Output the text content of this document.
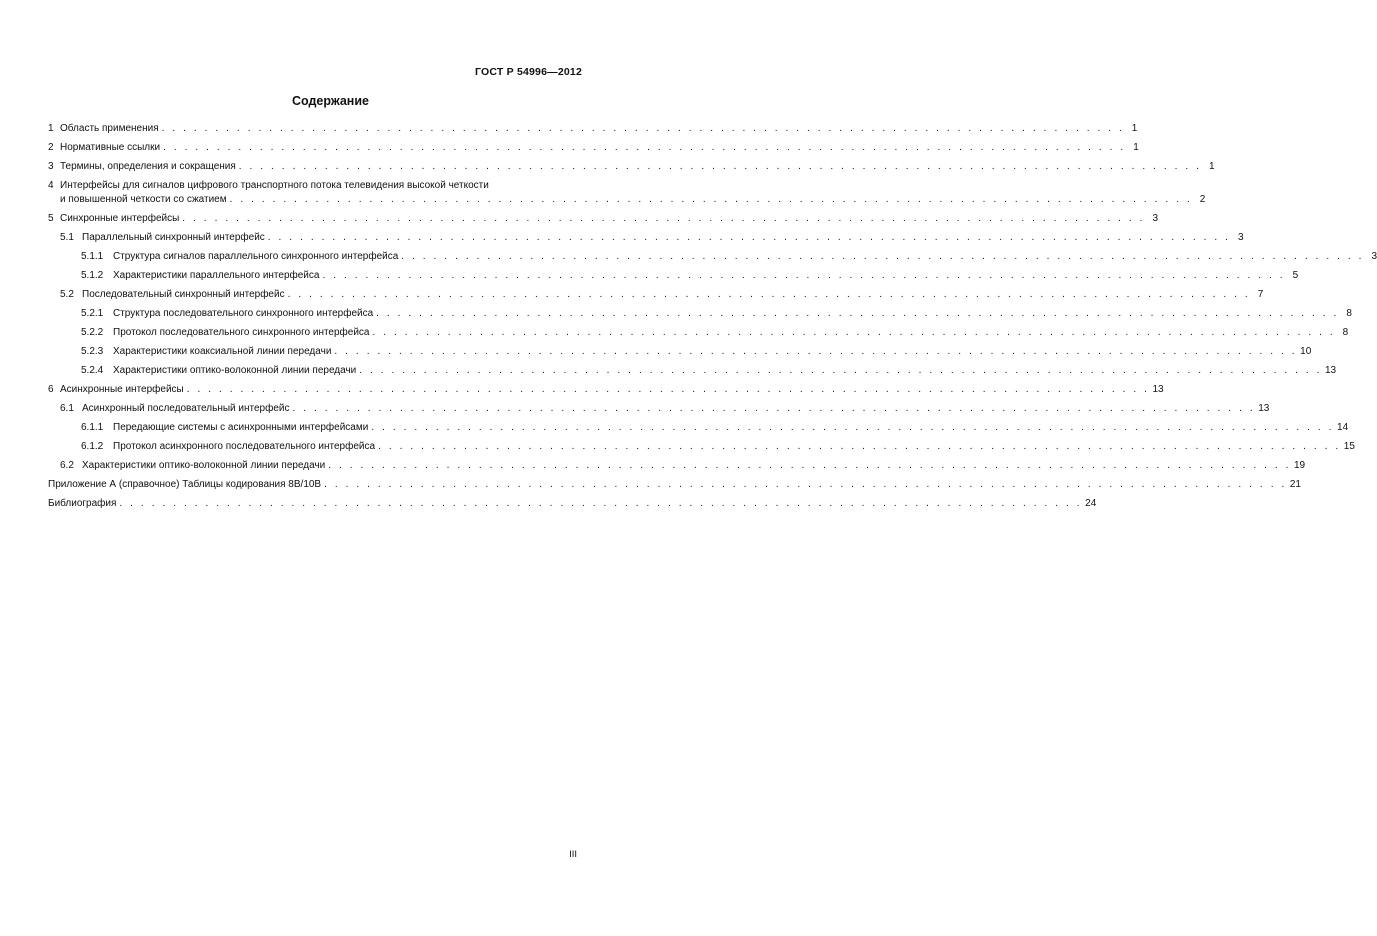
ГОСТ Р 54996—2012
Содержание
1 Область применения . . . . . . . . . . . . . . . . . . . . . . . . . . . . . . . . . . . . . . . . . . . . . . . . . . . . . . . . . . . . . . . . . . . . . . . . . . . . . . . . . . . . . . . . . . 1
2 Нормативные ссылки . . . . . . . . . . . . . . . . . . . . . . . . . . . . . . . . . . . . . . . . . . . . . . . . . . . . . . . . . . . . . . . . . . . . . . . . . . . . . . . . . . . . . . . . . . 1
3 Термины, определения и сокращения . . . . . . . . . . . . . . . . . . . . . . . . . . . . . . . . . . . . . . . . . . . . . . . . . . . . . . . . . . . . . . . . . . . . . . . . . . . . . . . . . . . . . . . . . . 1
4 Интерфейсы для сигналов цифрового транспортного потока телевидения высокой четкости
и повышенной четкости со сжатием . . . . . . . . . . . . . . . . . . . . . . . . . . . . . . . . . . . . . . . . . . . . . . . . . . . . . . . . . . . . . . . . . . . . . . . . . . . . . . . . . . . . . . . . . . 2
5 Синхронные интерфейсы . . . . . . . . . . . . . . . . . . . . . . . . . . . . . . . . . . . . . . . . . . . . . . . . . . . . . . . . . . . . . . . . . . . . . . . . . . . . . . . . . . . . . . . . . . 3
5.1 Параллельный синхронный интерфейс . . . . . . . . . . . . . . . . . . . . . . . . . . . . . . . . . . . . . . . . . . . . . . . . . . . . . . . . . . . . . . . . . . . . . . . . . . . . . . . . . . . . . . . . . . 3
5.1.1 Структура сигналов параллельного синхронного интерфейса . . . . . . . . . . . . . . . . . . . . . . . . . . . . . . . . . . . . . . . . . . . . . . . . . . . . . . . . . . . . . . . . . . . . . . . . . . . . . . . . . . . . . . . . . . 3
5.1.2 Характеристики параллельного интерфейса . . . . . . . . . . . . . . . . . . . . . . . . . . . . . . . . . . . . . . . . . . . . . . . . . . . . . . . . . . . . . . . . . . . . . . . . . . . . . . . . . . . . . . . . . . 5
5.2 Последовательный синхронный интерфейс . . . . . . . . . . . . . . . . . . . . . . . . . . . . . . . . . . . . . . . . . . . . . . . . . . . . . . . . . . . . . . . . . . . . . . . . . . . . . . . . . . . . . . . . . . 7
5.2.1 Структура последовательного синхронного интерфейса . . . . . . . . . . . . . . . . . . . . . . . . . . . . . . . . . . . . . . . . . . . . . . . . . . . . . . . . . . . . . . . . . . . . . . . . . . . . . . . . . . . . . . . . . . 8
5.2.2 Протокол последовательного синхронного интерфейса . . . . . . . . . . . . . . . . . . . . . . . . . . . . . . . . . . . . . . . . . . . . . . . . . . . . . . . . . . . . . . . . . . . . . . . . . . . . . . . . . . . . . . . . . . 8
5.2.3 Характеристики коаксиальной линии передачи . . . . . . . . . . . . . . . . . . . . . . . . . . . . . . . . . . . . . . . . . . . . . . . . . . . . . . . . . . . . . . . . . . . . . . . . . . . . . . . . . . . . . . . . . . 10
5.2.4 Характеристики оптико-волоконной линии передачи . . . . . . . . . . . . . . . . . . . . . . . . . . . . . . . . . . . . . . . . . . . . . . . . . . . . . . . . . . . . . . . . . . . . . . . . . . . . . . . . . . . . . . . . . . 13
6 Асинхронные интерфейсы . . . . . . . . . . . . . . . . . . . . . . . . . . . . . . . . . . . . . . . . . . . . . . . . . . . . . . . . . . . . . . . . . . . . . . . . . . . . . . . . . . . . . . . . . . 13
6.1 Асинхронный последовательный интерфейс . . . . . . . . . . . . . . . . . . . . . . . . . . . . . . . . . . . . . . . . . . . . . . . . . . . . . . . . . . . . . . . . . . . . . . . . . . . . . . . . . . . . . . . . . . 13
6.1.1 Передающие системы с асинхронными интерфейсами . . . . . . . . . . . . . . . . . . . . . . . . . . . . . . . . . . . . . . . . . . . . . . . . . . . . . . . . . . . . . . . . . . . . . . . . . . . . . . . . . . . . . . . . . . 14
6.1.2 Протокол асинхронного последовательного интерфейса . . . . . . . . . . . . . . . . . . . . . . . . . . . . . . . . . . . . . . . . . . . . . . . . . . . . . . . . . . . . . . . . . . . . . . . . . . . . . . . . . . . . . . . . . . 15
6.2 Характеристики оптико-волоконной линии передачи . . . . . . . . . . . . . . . . . . . . . . . . . . . . . . . . . . . . . . . . . . . . . . . . . . . . . . . . . . . . . . . . . . . . . . . . . . . . . . . . . . . . . . . . . . 19
Приложение А (справочное) Таблицы кодирования 8В/10В . . . . . . . . . . . . . . . . . . . . . . . . . . . . . . . . . . . . . . . . . . . . . . . . . . . . . . . . . . . . . . . . . . . . . . . . . . . . . . . . . . . . . . . . . . 21
Библиография . . . . . . . . . . . . . . . . . . . . . . . . . . . . . . . . . . . . . . . . . . . . . . . . . . . . . . . . . . . . . . . . . . . . . . . . . . . . . . . . . . . . . . . . . . 24
III
